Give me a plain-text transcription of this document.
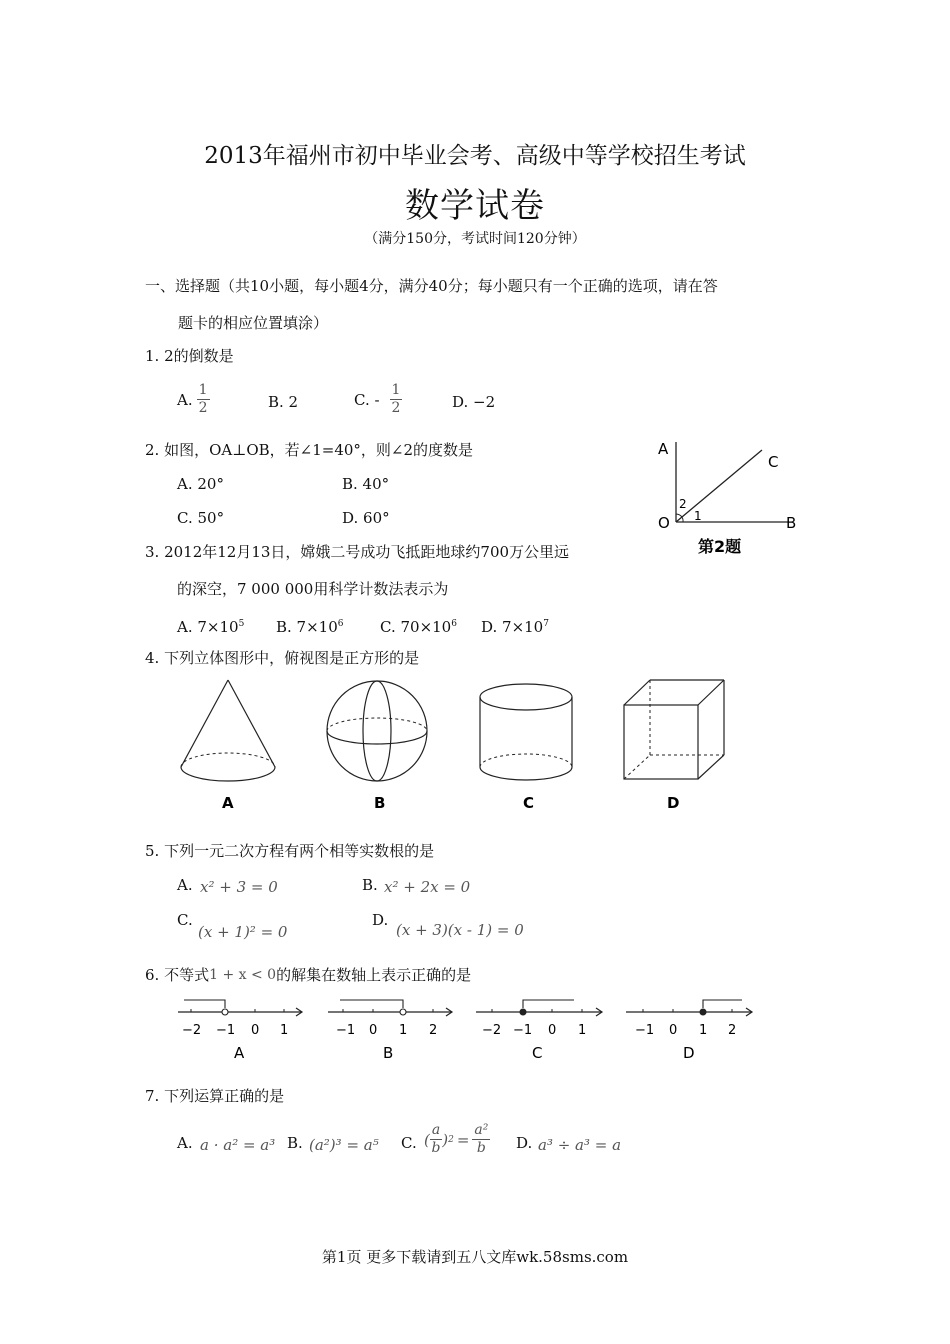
2013年福州市初中毕业会考、高级中等学校招生考试
数学试卷
（满分150分，考试时间120分钟）
一、选择题（共10小题，每小题4分，满分40分；每小题只有一个正确的选项，请在答
题卡的相应位置填涂）
1. 2的倒数是
A. $\frac{1}{2}$	B. 2	C. - $\frac{1}{2}$	D. −2
2. 如图，OA⊥OB，若∠1=40°，则∠2的度数是
A. 20°	B. 40°
C. 50°	D. 60°
A
C
O	B
2
1
第2题
3. 2012年12月13日，嫦娥二号成功飞抵距地球约700万公里远
的深空，7 000 000用科学计数法表示为
A. $7\times 10^5$ B. $7\times 10^6$ C. $70\times 10^6$ D. $7\times 10^7$
4. 下列立体图形中，俯视图是正方形的是
A	B	C	D
5. 下列一元二次方程有两个相等实数根的是
A. x² + 3 = 0	B. x² + 2x = 0
C.
(x + 1)² = 0
D.
(x + 3)(x - 1) = 0
6. 不等式 1 + x < 0 的解集在数轴上表示正确的是
−2 −1 0 1
A
−1 0 1 2
B
−2 −1 0 1
C
−1 0 1 2
D
7. 下列运算正确的是
A. a · a² = a³ B. (a²)³ = a⁵ C. ( $\frac{a}{b}$ ) $2 = \frac{\text{a²}}{b} D$. a³ ÷ a³ = a
第1页 更多下载请到五八文库wk.58sms.com
